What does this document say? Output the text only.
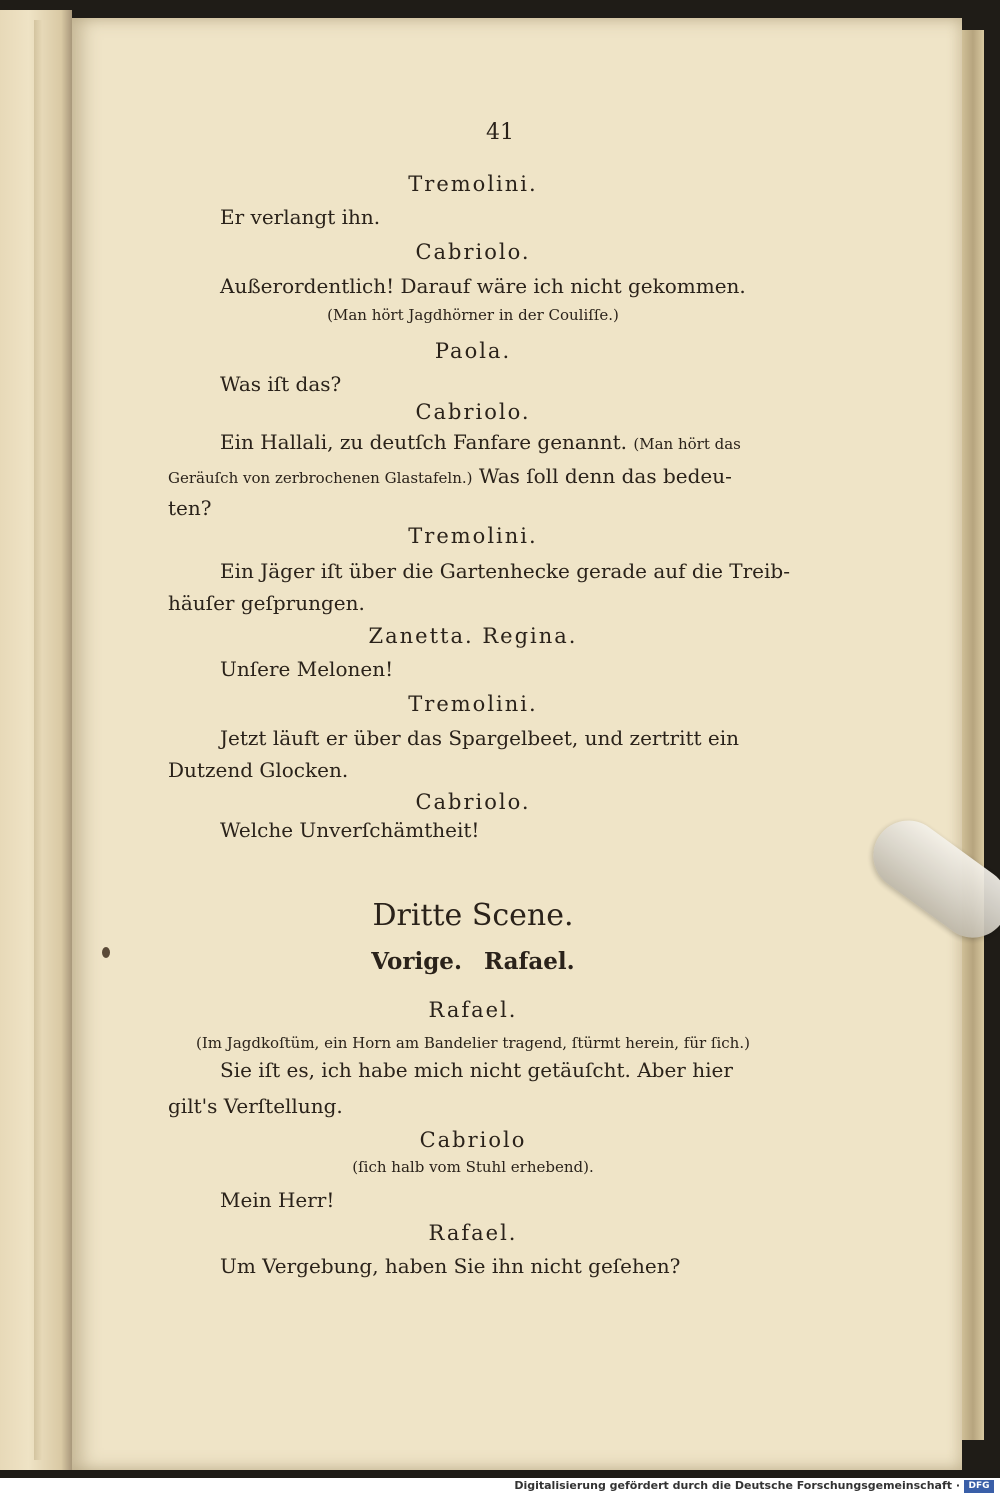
41
Tremolini.
Er verlangt ihn.
Cabriolo.
Außerordentlich! Darauf wäre ich nicht gekommen.
(Man hört Jagdhörner in der Couliſſe.)
Paola.
Was iſt das?
Cabriolo.
Ein Hallali, zu deutſch Fanfare genannt. (Man hört das
Geräuſch von zerbrochenen Glastafeln.) Was ſoll denn das bedeu-
ten?
Tremolini.
Ein Jäger iſt über die Gartenhecke gerade auf die Treib-
häuſer geſprungen.
Zanetta. Regina.
Unſere Melonen!
Tremolini.
Jetzt läuft er über das Spargelbeet, und zertritt ein
Dutzend Glocken.
Cabriolo.
Welche Unverſchämtheit!
Dritte Scene.
Vorige. Rafael.
Rafael.
(Im Jagdkoſtüm, ein Horn am Bandelier tragend, ſtürmt herein, für ſich.)
Sie iſt es, ich habe mich nicht getäuſcht. Aber hier
gilt's Verſtellung.
Cabriolo
(ſich halb vom Stuhl erhebend).
Mein Herr!
Rafael.
Um Vergebung, haben Sie ihn nicht geſehen?
Digitalisierung gefördert durch die Deutsche Forschungsgemeinschaft · DFG
